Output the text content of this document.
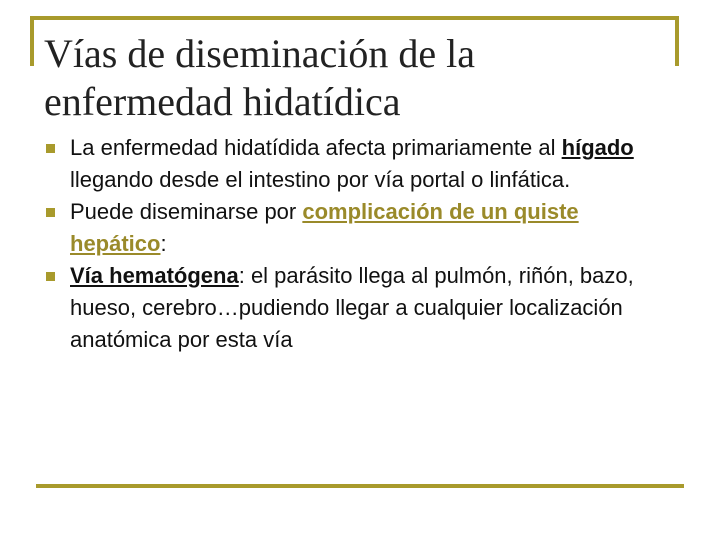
Vías de diseminación de la
enfermedad hidatídica
La enfermedad hidatídida afecta primariamente al hígado llegando desde el intestino por vía portal o linfática.
Puede diseminarse por complicación de un quiste hepático:
Vía hematógena: el parásito llega al pulmón, riñón, bazo, hueso, cerebro…pudiendo llegar a cualquier localización anatómica por esta vía
